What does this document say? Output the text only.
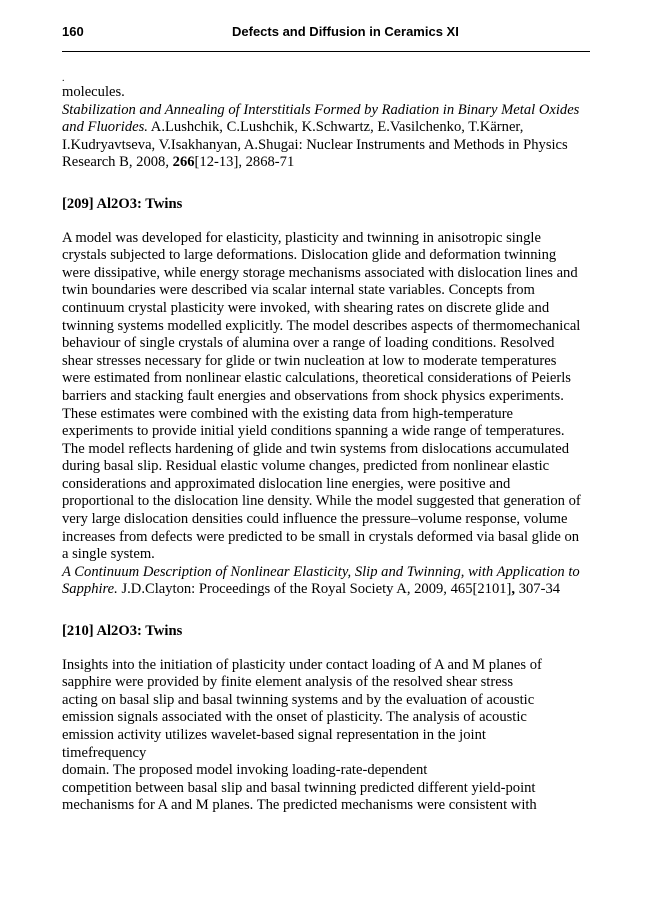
160	Defects and Diffusion in Ceramics XI
.

molecules.

Stabilization and Annealing of Interstitials Formed by Radiation in Binary Metal Oxides and Fluorides. A.Lushchik, C.Lushchik, K.Schwartz, E.Vasilchenko, T.Kärner, I.Kudryavtseva, V.Isakhanyan, A.Shugai: Nuclear Instruments and Methods in Physics Research B, 2008, 266[12-13], 2868-71

[209] Al2O3: Twins

A model was developed for elasticity, plasticity and twinning in anisotropic single crystals subjected to large deformations. Dislocation glide and deformation twinning were dissipative, while energy storage mechanisms associated with dislocation lines and twin boundaries were described via scalar internal state variables. Concepts from continuum crystal plasticity were invoked, with shearing rates on discrete glide and twinning systems modelled explicitly. The model describes aspects of thermomechanical behaviour of single crystals of alumina over a range of loading conditions. Resolved shear stresses necessary for glide or twin nucleation at low to moderate temperatures were estimated from nonlinear elastic calculations, theoretical considerations of Peierls barriers and stacking fault energies and observations from shock physics experiments. These estimates were combined with the existing data from high-temperature experiments to provide initial yield conditions spanning a wide range of temperatures. The model reflects hardening of glide and twin systems from dislocations accumulated during basal slip. Residual elastic volume changes, predicted from nonlinear elastic considerations and approximated dislocation line energies, were positive and proportional to the dislocation line density. While the model suggested that generation of very large dislocation densities could influence the pressure–volume response, volume increases from defects were predicted to be small in crystals deformed via basal glide on a single system.

A Continuum Description of Nonlinear Elasticity, Slip and Twinning, with Application to Sapphire. J.D.Clayton: Proceedings of the Royal Society A, 2009, 465[2101], 307-34

[210] Al2O3: Twins

Insights into the initiation of plasticity under contact loading of A and M planes of
sapphire were provided by finite element analysis of the resolved shear stress
acting on basal slip and basal twinning systems and by the evaluation of acoustic
emission signals associated with the onset of plasticity. The analysis of acoustic
emission activity utilizes wavelet-based signal representation in the joint
timefrequency
domain. The proposed model invoking loading-rate-dependent
competition between basal slip and basal twinning predicted different yield-point
mechanisms for A and M planes. The predicted mechanisms were consistent with
